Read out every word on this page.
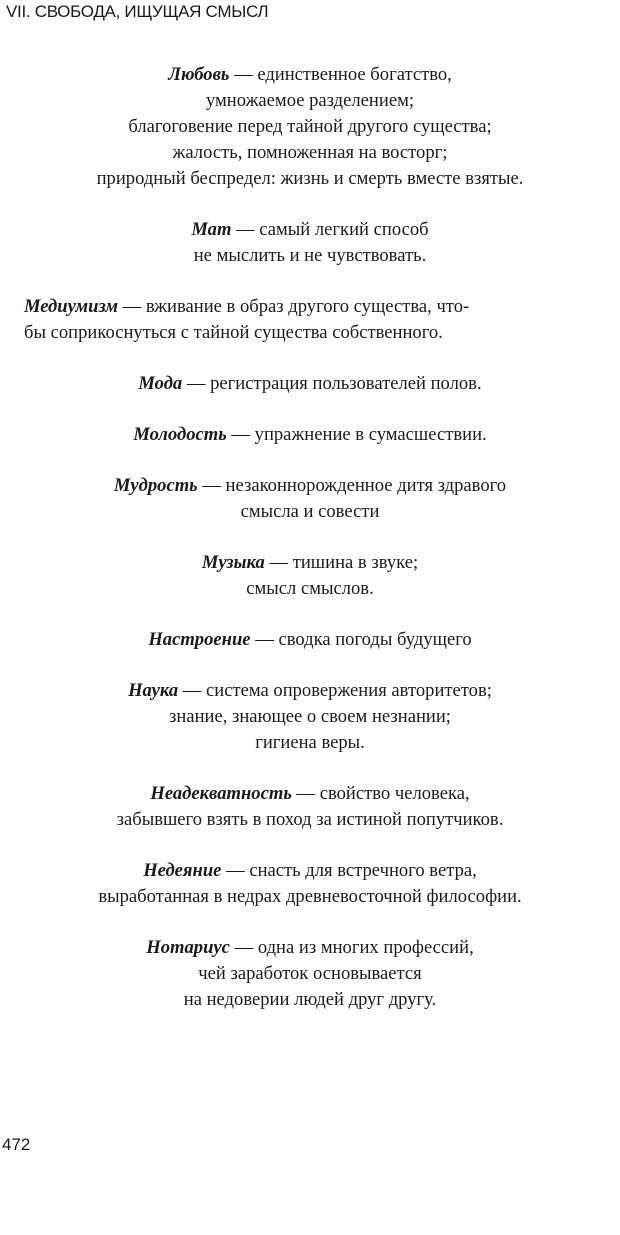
VII. СВОБОДА, ИЩУЩАЯ СМЫСЛ
Любовь — единственное богатство,
умножаемое разделением;
благоговение перед тайной другого существа;
жалость, помноженная на восторг;
природный беспредел: жизнь и смерть вместе взятые.
Мат — самый легкий способ
не мыслить и не чувствовать.
Медиумизм — вживание в образ другого существа, что-
бы соприкоснуться с тайной существа собственного.
Мода — регистрация пользователей полов.
Молодость — упражнение в сумасшествии.
Мудрость — незаконнорожденное дитя здравого
смысла и совести
Музыка — тишина в звуке;
смысл смыслов.
Настроение — сводка погоды будущего
Наука — система опровержения авторитетов;
знание, знающее о своем незнании;
гигиена веры.
Неадекватность — свойство человека,
забывшего взять в поход за истиной попутчиков.
Недеяние — снасть для встречного ветра,
выработанная в недрах древневосточной философии.
Нотариус — одна из многих профессий,
чей заработок основывается
на недоверии людей друг другу.
472
